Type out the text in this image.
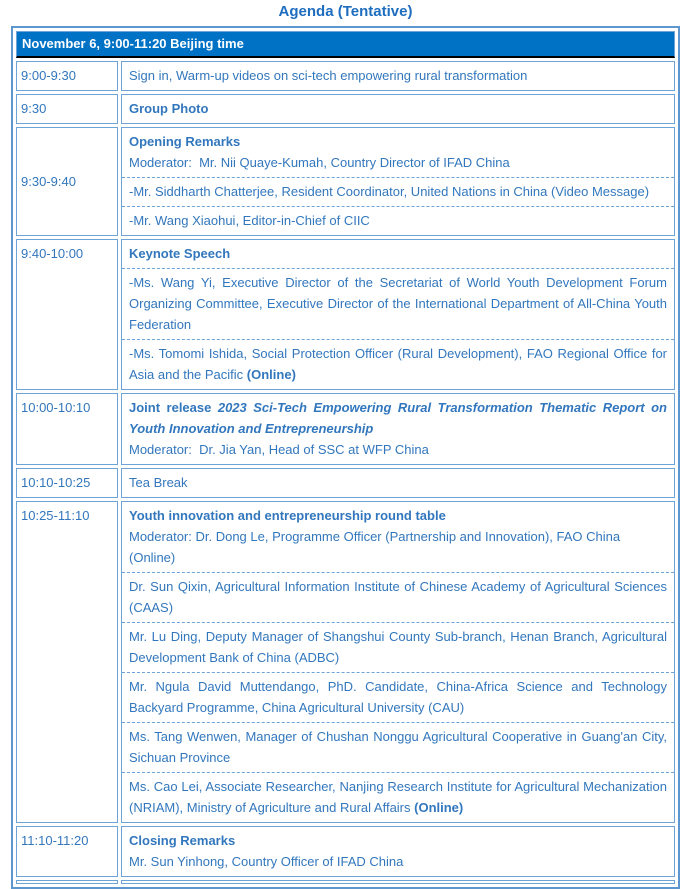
Agenda (Tentative)
November 6, 9:00-11:20 Beijing time	
9:00-9:30	Sign in, Warm-up videos on sci-tech empowering rural transformation

9:30	Group Photo

9:30-9:40	Opening Remarks

Moderator:  Mr. Nii Quaye-Kumah, Country Director of IFAD China

-Mr. Siddharth Chatterjee, Resident Coordinator, United Nations in China (Video Message)

-Mr. Wang Xiaohui, Editor-in-Chief of CIIC

9:40-10:00	Keynote Speech

-Ms. Wang Yi, Executive Director of the Secretariat of World Youth Development Forum Organizing Committee, Executive Director of the International Department of All-China Youth Federation

-Ms. Tomomi Ishida, Social Protection Officer (Rural Development), FAO Regional Office for Asia and the Pacific (Online)

10:00-10:10	Joint release 2023 Sci-Tech Empowering Rural Transformation Thematic Report on Youth Innovation and Entrepreneurship

Moderator:  Dr. Jia Yan, Head of SSC at WFP China

10:10-10:25	Tea Break

10:25-11:10	Youth innovation and entrepreneurship round table

Moderator: Dr. Dong Le, Programme Officer (Partnership and Innovation), FAO China  (Online)

Dr. Sun Qixin, Agricultural Information Institute of Chinese Academy of Agricultural Sciences (CAAS)

Mr. Lu Ding, Deputy Manager of Shangshui County Sub-branch, Henan Branch, Agricultural Development Bank of China (ADBC)

Mr. Ngula David Muttendango, PhD. Candidate, China-Africa Science and Technology Backyard Programme, China Agricultural University (CAU)

Ms. Tang Wenwen, Manager of Chushan Nonggu Agricultural Cooperative in Guang'an City, Sichuan Province

Ms. Cao Lei, Associate Researcher, Nanjing Research Institute for Agricultural Mechanization (NRIAM), Ministry of Agriculture and Rural Affairs (Online)

11:10-11:20	Closing Remarks

Mr. Sun Yinhong, Country Officer of IFAD China
